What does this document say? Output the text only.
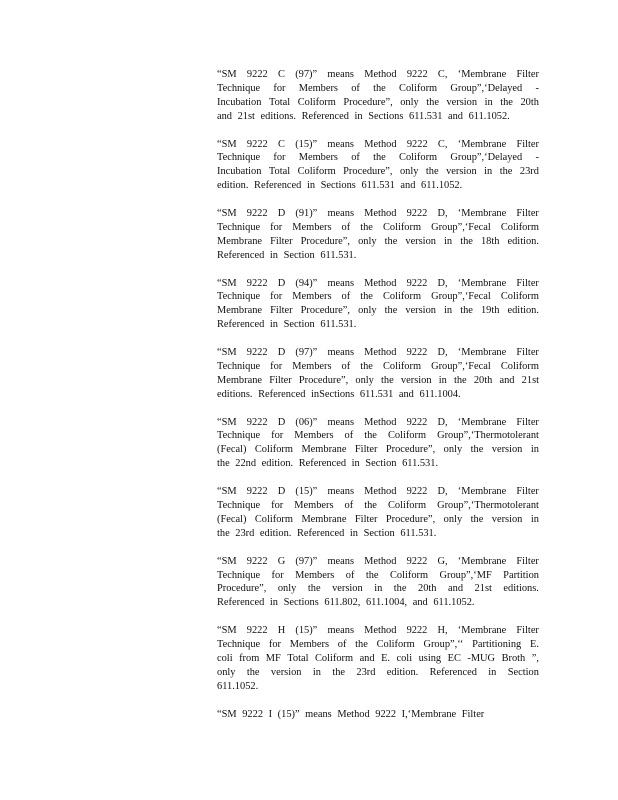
“SM 9222 C (97)” means Method 9222 C, ‘Membrane Filter
Technique for Members of the Coliform Group”,‘Delayed -
Incubation Total Coliform Procedure”, only the version in the 20th
and 21st editions. Referenced in Sections 611.531 and 611.1052.
“SM 9222 C (15)” means Method 9222 C, ‘Membrane Filter
Technique for Members of the Coliform Group”,‘Delayed -
Incubation Total Coliform Procedure”, only the version in the 23rd
edition. Referenced in Sections 611.531 and 611.1052.
“SM 9222 D (91)” means Method 9222 D, ‘Membrane Filter
Technique for Members of the Coliform Group”,‘Fecal Coliform
Membrane Filter Procedure”, only the version in the 18th edition.
Referenced in Section 611.531.
“SM 9222 D (94)” means Method 9222 D, ‘Membrane Filter
Technique for Members of the Coliform Group”,‘Fecal Coliform
Membrane Filter Procedure”, only the version in the 19th edition.
Referenced in Section 611.531.
“SM 9222 D (97)” means Method 9222 D, ‘Membrane Filter
Technique for Members of the Coliform Group”,‘Fecal Coliform
Membrane Filter Procedure”, only the version in the 20th and 21st
editions. Referenced inSections 611.531 and 611.1004.
“SM 9222 D (06)” means Method 9222 D, ‘Membrane Filter
Technique for Members of the Coliform Group”,‘Thermotolerant
(Fecal) Coliform Membrane Filter Procedure”, only the version in
the 22nd edition. Referenced in Section 611.531.
“SM 9222 D (15)” means Method 9222 D, ‘Membrane Filter
Technique for Members of the Coliform Group”,‘Thermotolerant
(Fecal) Coliform Membrane Filter Procedure”, only the version in
the 23rd edition. Referenced in Section 611.531.
“SM 9222 G (97)” means Method 9222 G, ‘Membrane Filter
Technique for Members of the Coliform Group”,‘MF Partition
Procedure”, only the version in the 20th and 21st editions.
Referenced in Sections 611.802, 611.1004, and 611.1052.
“SM 9222 H (15)” means Method 9222 H, ‘Membrane Filter
Technique for Members of the Coliform Group”,‘‘ Partitioning E.
coli from MF Total Coliform and E. coli using EC -MUG Broth ”,
only the version in the 23rd edition. Referenced in Section
611.1052.
“SM 9222 I (15)” means Method 9222 I,‘Membrane Filter
